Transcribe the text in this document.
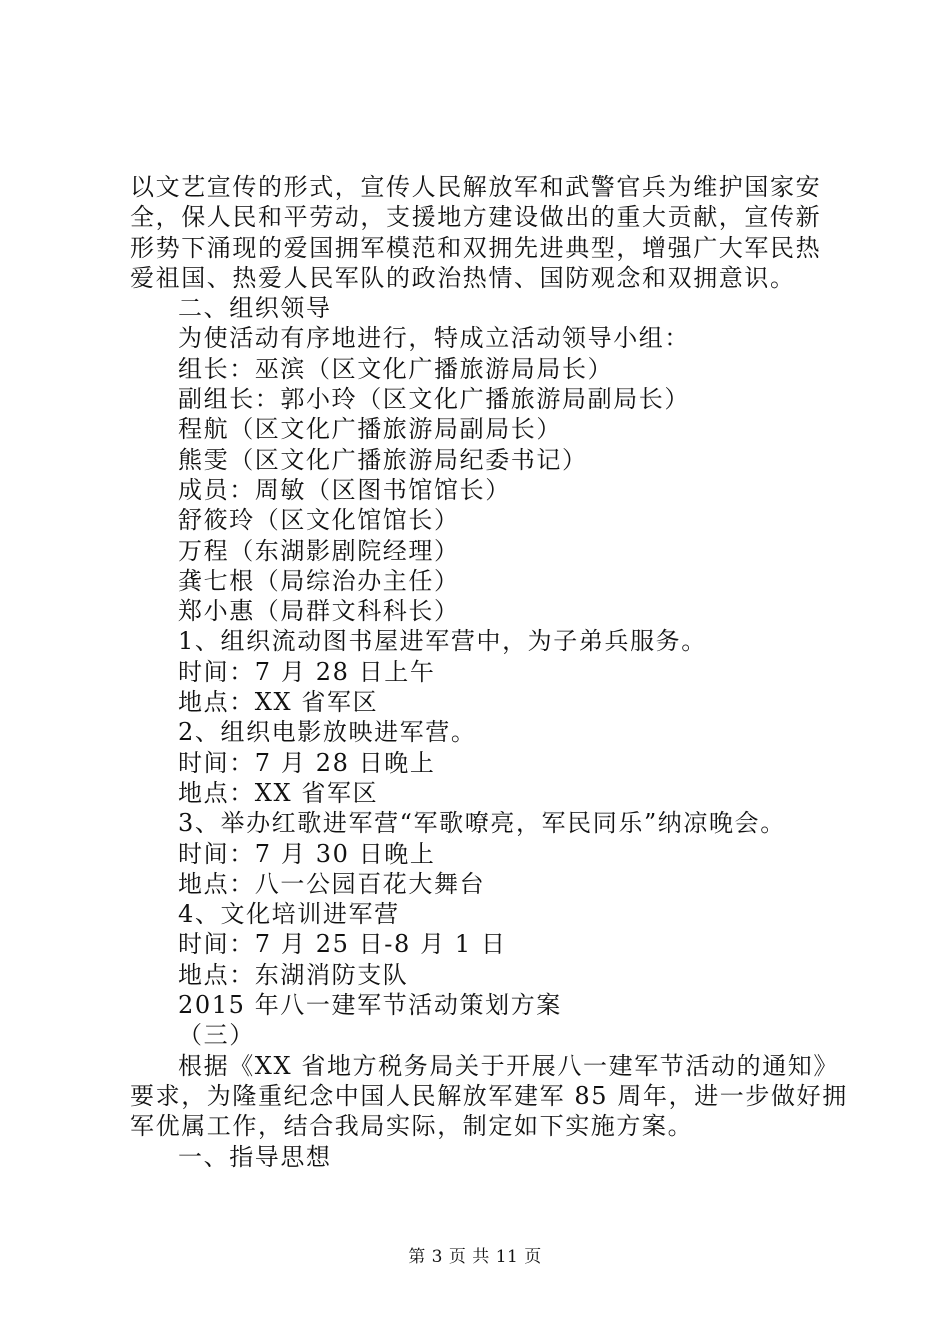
以文艺宣传的形式，宣传人民解放军和武警官兵为维护国家安

全，保人民和平劳动，支援地方建设做出的重大贡献，宣传新

形势下涌现的爱国拥军模范和双拥先进典型，增强广大军民热

爱祖国、热爱人民军队的政治热情、国防观念和双拥意识。

二、组织领导

为使活动有序地进行，特成立活动领导小组：

组长：巫滨（区文化广播旅游局局长）

副组长：郭小玲（区文化广播旅游局副局长）

程航（区文化广播旅游局副局长）

熊雯（区文化广播旅游局纪委书记）

成员：周敏（区图书馆馆长）

舒筱玲（区文化馆馆长）

万程（东湖影剧院经理）

龚七根（局综治办主任）

郑小惠（局群文科科长）

1、组织流动图书屋进军营中，为子弟兵服务。

时间：7 月 28 日上午

地点：XX 省军区

2、组织电影放映进军营。

时间：7 月 28 日晚上

地点：XX 省军区

3、举办红歌进军营“军歌嘹亮，军民同乐”纳凉晚会。

时间：7 月 30 日晚上

地点：八一公园百花大舞台

4、文化培训进军营

时间：7 月 25 日-8 月 1 日

地点：东湖消防支队

2015 年八一建军节活动策划方案

（三）

根据《XX 省地方税务局关于开展八一建军节活动的通知》

要求，为隆重纪念中国人民解放军建军 85 周年，进一步做好拥

军优属工作，结合我局实际，制定如下实施方案。

一、指导思想

第 3 页 共 11 页
